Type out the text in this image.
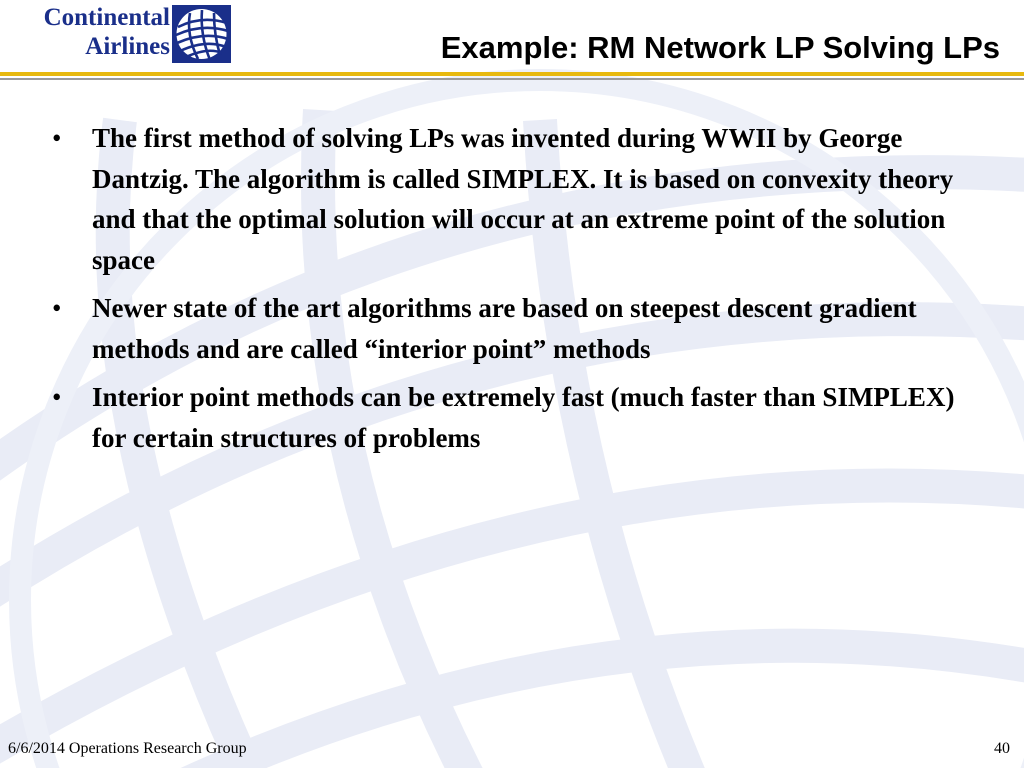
Continental
Airlines	Example: RM Network LP Solving LPs
• The first method of solving LPs was invented during WWII by George Dantzig. The algorithm is called SIMPLEX. It is based on convexity theory and that the optimal solution will occur at an extreme point of the solution space
• Newer state of the art algorithms are based on steepest descent gradient methods and are called “interior point” methods
• Interior point methods can be extremely fast (much faster than SIMPLEX) for certain structures of problems
6/6/2014 Operations Research Group	40
